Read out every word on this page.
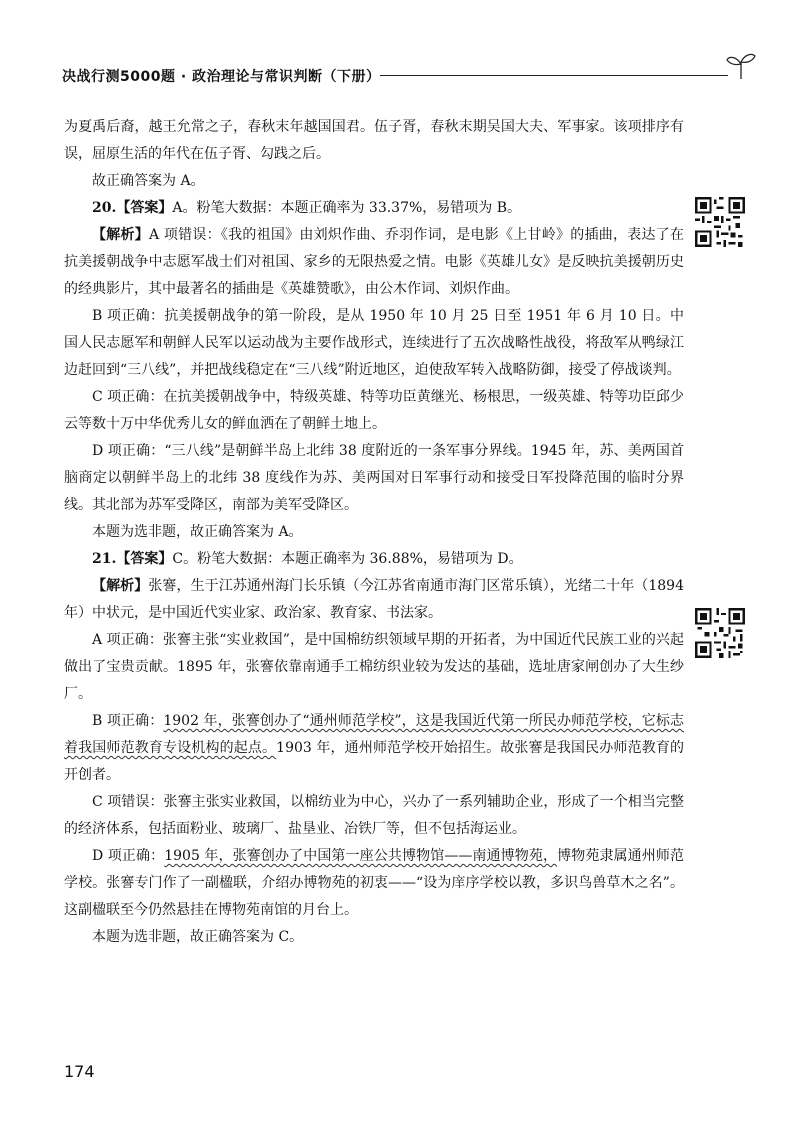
决战行测5000题 · 政治理论与常识判断（下册）

为夏禹后裔，越王允常之子，春秋末年越国国君。伍子胥，春秋末期吴国大夫、军事家。该项排序有误，屈原生活的年代在伍子胥、勾践之后。

故正确答案为 A。

20.【答案】A。粉笔大数据：本题正确率为 33.37%，易错项为 B。

【解析】A 项错误：《我的祖国》由刘炽作曲、乔羽作词，是电影《上甘岭》的插曲，表达了在抗美援朝战争中志愿军战士们对祖国、家乡的无限热爱之情。电影《英雄儿女》是反映抗美援朝历史的经典影片，其中最著名的插曲是《英雄赞歌》，由公木作词、刘炽作曲。

B 项正确：抗美援朝战争的第一阶段，是从 1950 年 10 月 25 日至 1951 年 6 月 10 日。中国人民志愿军和朝鲜人民军以运动战为主要作战形式，连续进行了五次战略性战役，将敌军从鸭绿江边赶回到“三八线”，并把战线稳定在“三八线”附近地区，迫使敌军转入战略防御，接受了停战谈判。

C 项正确：在抗美援朝战争中，特级英雄、特等功臣黄继光、杨根思，一级英雄、特等功臣邱少云等数十万中华优秀儿女的鲜血洒在了朝鲜土地上。

D 项正确：“三八线”是朝鲜半岛上北纬 38 度附近的一条军事分界线。1945 年，苏、美两国首脑商定以朝鲜半岛上的北纬 38 度线作为苏、美两国对日军事行动和接受日军投降范围的临时分界线。其北部为苏军受降区，南部为美军受降区。

本题为选非题，故正确答案为 A。

21.【答案】C。粉笔大数据：本题正确率为 36.88%，易错项为 D。

【解析】张謇，生于江苏通州海门长乐镇（今江苏省南通市海门区常乐镇），光绪二十年（1894 年）中状元，是中国近代实业家、政治家、教育家、书法家。

A 项正确：张謇主张“实业救国”，是中国棉纺织领域早期的开拓者，为中国近代民族工业的兴起做出了宝贵贡献。1895 年，张謇依靠南通手工棉纺织业较为发达的基础，选址唐家闸创办了大生纱厂。

B 项正确：1902 年，张謇创办了“通州师范学校”，这是我国近代第一所民办师范学校，它标志着我国师范教育专设机构的起点。1903 年，通州师范学校开始招生。故张謇是我国民办师范教育的开创者。

C 项错误：张謇主张实业救国，以棉纺业为中心，兴办了一系列辅助企业，形成了一个相当完整的经济体系，包括面粉业、玻璃厂、盐垦业、冶铁厂等，但不包括海运业。

D 项正确：1905 年，张謇创办了中国第一座公共博物馆——南通博物苑，博物苑隶属通州师范学校。张謇专门作了一副楹联，介绍办博物苑的初衷——“设为庠序学校以教，多识鸟兽草木之名”。这副楹联至今仍然悬挂在博物苑南馆的月台上。

本题为选非题，故正确答案为 C。

174
